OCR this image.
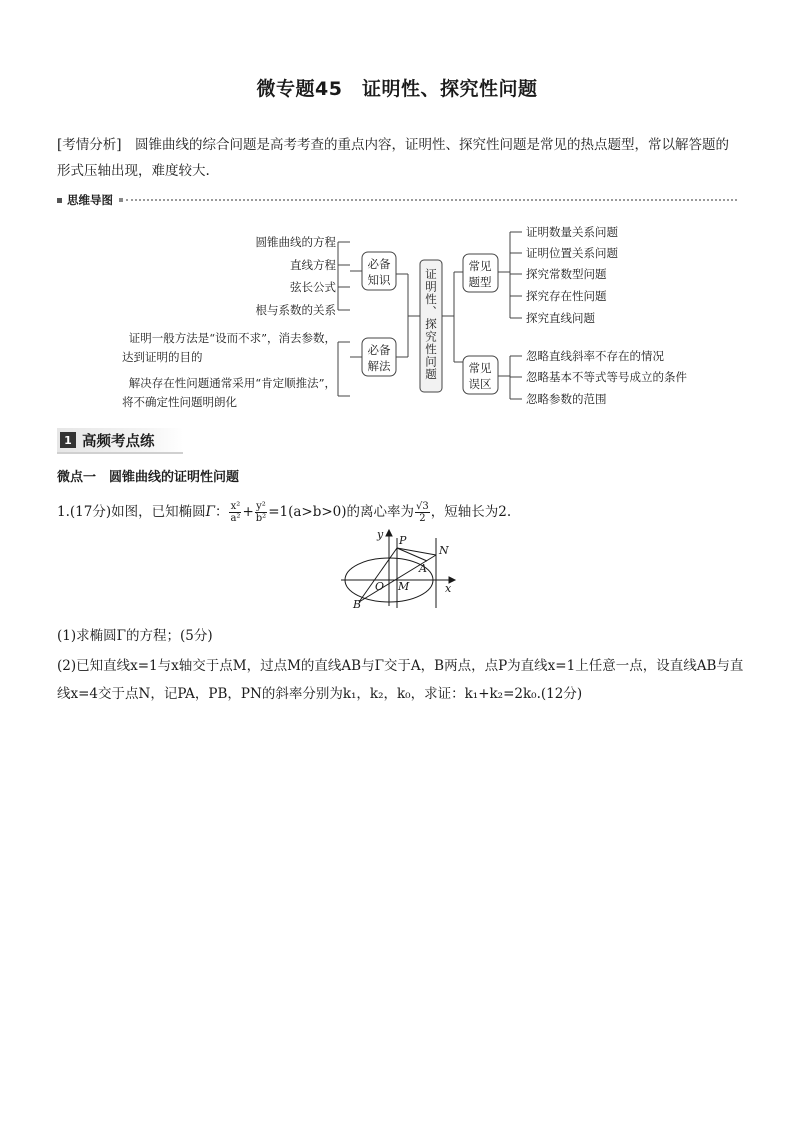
微专题45　证明性、探究性问题
[考情分析]　圆锥曲线的综合问题是高考考查的重点内容，证明性、探究性问题是常见的热点题型，常以解答题的形式压轴出现，难度较大.
思维导图
圆锥曲线的方程
直线方程
弦长公式
根与系数的关系
证明一般方法是“设而不求”，消去参数，
达到证明的目的
解决存在性问题通常采用“肯定顺推法”，
将不确定性问题明朗化
必备
知识
必备
解法	证明性、探究性问题
常见
题型
常见
误区
证明数量关系问题
证明位置关系问题
探究常数型问题
探究存在性问题
探究直线问题
忽略直线斜率不存在的情况
忽略基本不等式等号成立的条件
忽略参数的范围
1 高频考点练
微点一　圆锥曲线的证明性问题
1.(17分)如图，已知椭圆Γ： $\frac{\text{x²}}{\text{a²}} + \frac{\text{y²}}{\text{b²}} =1(a>b>0)$的离心率为 $\frac{√3}{2}$ ，短轴长为2.
y P
N
A
x
O M
B
(1)求椭圆Γ的方程；(5分)
(2)已知直线x=1与x轴交于点M，过点M的直线AB与Γ交于A，B两点，点P为直线x=1上任意一点，设直线AB与直线x=4交于点N，记PA，PB，PN的斜率分别为k₁，k₂，k₀，求证：k₁+k₂=2k₀.(12分)
